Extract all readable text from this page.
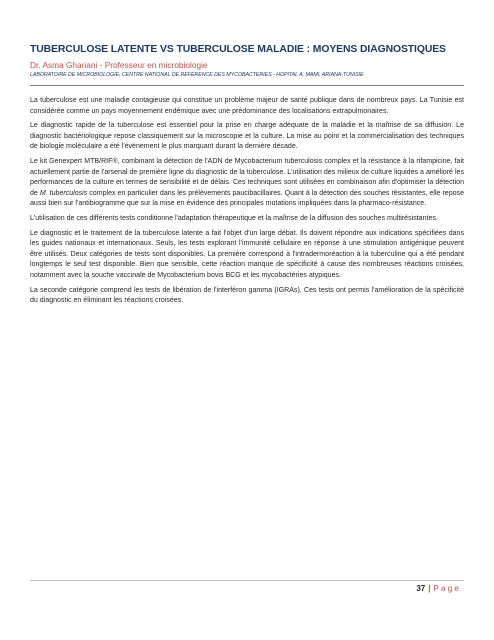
TUBERCULOSE LATENTE VS TUBERCULOSE MALADIE : MOYENS DIAGNOSTIQUES
Dr. Asma Ghariani - Professeur en microbiologie
LABORATOIRE DE MICROBIOLOGIE, CENTRE NATIONAL DE REFERENCE DES MYCOBACTERIES - HOPITAL A. MAMI, ARIANA-TUNISIE

La tuberculose est une maladie contagieuse qui constitue un problème majeur de santé publique dans de nombreux pays. La Tunisie est considérée comme un pays moyennement endémique avec une prédominance des localisations extrapulmonaires.

Le diagnostic rapide de la tuberculose est essentiel pour la prise en charge adéquate de la maladie et la maîtrise de sa diffusion. Le diagnostic bactériologique repose classiquement sur la microscopie et la culture. La mise au point et la commercialisation des techniques de biologie moléculaire a été l'évènement le plus marquant durant la dernière décade.

Le kit Genexpert MTB/RIF®, combinant la détection de l'ADN de Mycobacterium tuberculosis complex et la résistance à la rifampicine, fait actuellement partie de l'arsenal de première ligne du diagnostic de la tuberculose. L'utilisation des milieux de culture liquides a amélioré les performances de la culture en termes de sensibilité et de délais. Ces techniques sont utilisées en combinaison afin d'optimiser la détection de M. tuberculosis complex en particulier dans les prélèvements paucibacillaires. Quant à la détection des souches résistantes, elle repose aussi bien sur l'antibiogramme que sur la mise en évidence des principales mutations impliquées dans la pharmaco-résistance.

L'utilisation de ces différents tests conditionne l'adaptation thérapeutique et la maîtrise de la diffusion des souches multirésistantes.

Le diagnostic et le traitement de la tuberculose latente a fait l'objet d'un large débat. Ils doivent répondre aux indications spécifiées dans les guides nationaux et internationaux. Seuls, les tests explorant l'immunité cellulaire en réponse à une stimulation antigénique peuvent être utilisés. Deux catégories de tests sont disponibles. La première correspond à l'intradermoréaction à la tuberculine qui a été pendant longtemps le seul test disponible. Bien que sensible, cette réaction manque de spécificité à cause des nombreuses réactions croisées, notamment avec la souche vaccinale de Mycobacterium bovis BCG et les mycobactéries atypiques.

La seconde catégorie comprend les tests de libération de l'interféron gamma (IGRAs). Ces tests ont permis l'amélioration de la spécificité du diagnostic en éliminant les réactions croisées.

37 | Page
